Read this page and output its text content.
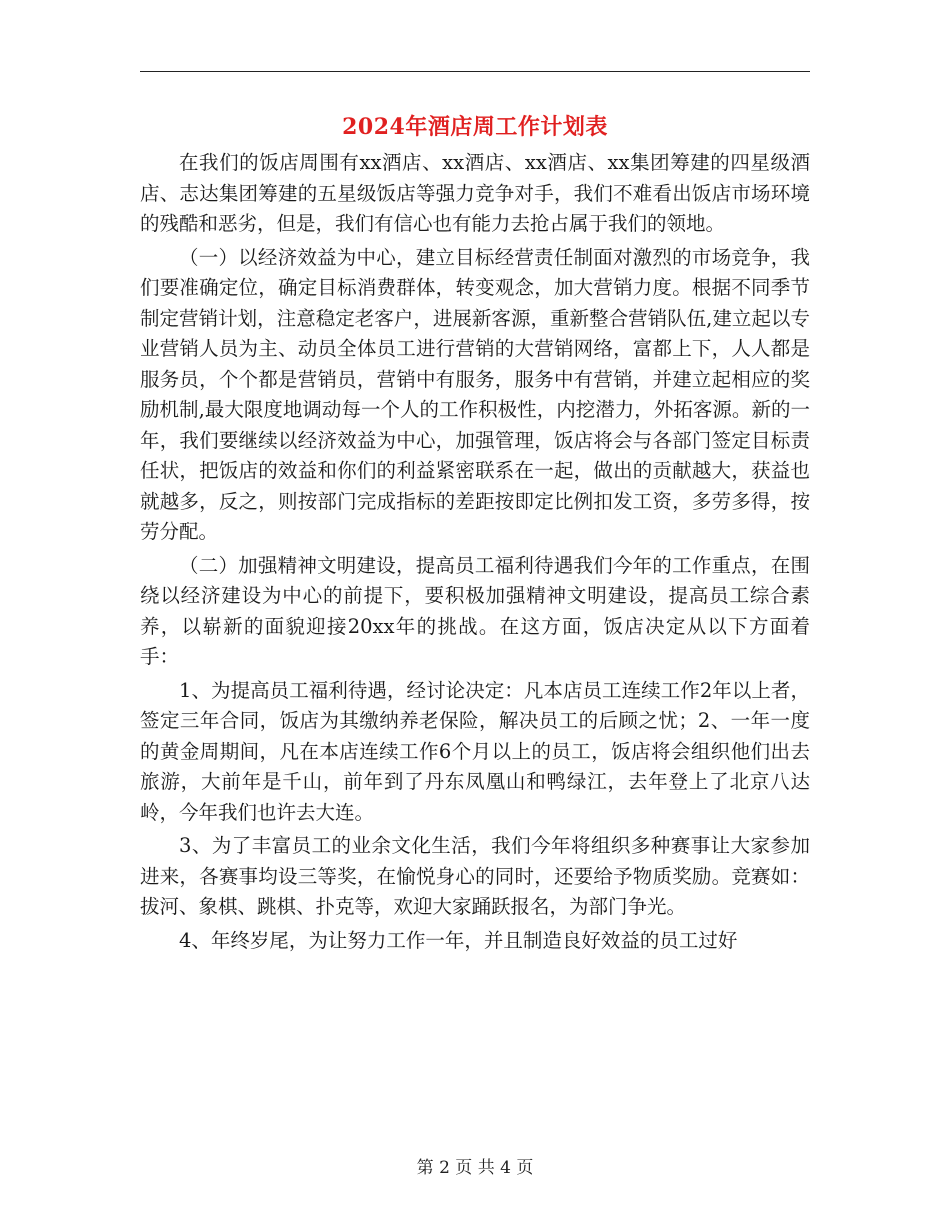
2024年酒店周工作计划表

在我们的饭店周围有xx酒店、xx酒店、xx酒店、xx集团筹建的四星级酒店、志达集团筹建的五星级饭店等强力竞争对手，我们不难看出饭店市场环境的残酷和恶劣，但是，我们有信心也有能力去抢占属于我们的领地。

（一）以经济效益为中心，建立目标经营责任制面对激烈的市场竞争，我们要准确定位，确定目标消费群体，转变观念，加大营销力度。根据不同季节制定营销计划，注意稳定老客户，进展新客源，重新整合营销队伍,建立起以专业营销人员为主、动员全体员工进行营销的大营销网络，富都上下，人人都是服务员，个个都是营销员，营销中有服务，服务中有营销，并建立起相应的奖励机制,最大限度地调动每一个人的工作积极性，内挖潜力，外拓客源。新的一年，我们要继续以经济效益为中心，加强管理，饭店将会与各部门签定目标责任状，把饭店的效益和你们的利益紧密联系在一起，做出的贡献越大，获益也就越多，反之，则按部门完成指标的差距按即定比例扣发工资，多劳多得，按劳分配。

（二）加强精神文明建设，提高员工福利待遇我们今年的工作重点，在围绕以经济建设为中心的前提下，要积极加强精神文明建设，提高员工综合素养，以崭新的面貌迎接20xx年的挑战。在这方面，饭店决定从以下方面着手：

1、为提高员工福利待遇，经讨论决定：凡本店员工连续工作2年以上者，签定三年合同，饭店为其缴纳养老保险，解决员工的后顾之忧；2、一年一度的黄金周期间，凡在本店连续工作6个月以上的员工，饭店将会组织他们出去旅游，大前年是千山，前年到了丹东凤凰山和鸭绿江，去年登上了北京八达岭，今年我们也许去大连。

3、为了丰富员工的业余文化生活，我们今年将组织多种赛事让大家参加进来，各赛事均设三等奖，在愉悦身心的同时，还要给予物质奖励。竞赛如：拔河、象棋、跳棋、扑克等，欢迎大家踊跃报名，为部门争光。

4、年终岁尾，为让努力工作一年，并且制造良好效益的员工过好

第 2 页 共 4 页
